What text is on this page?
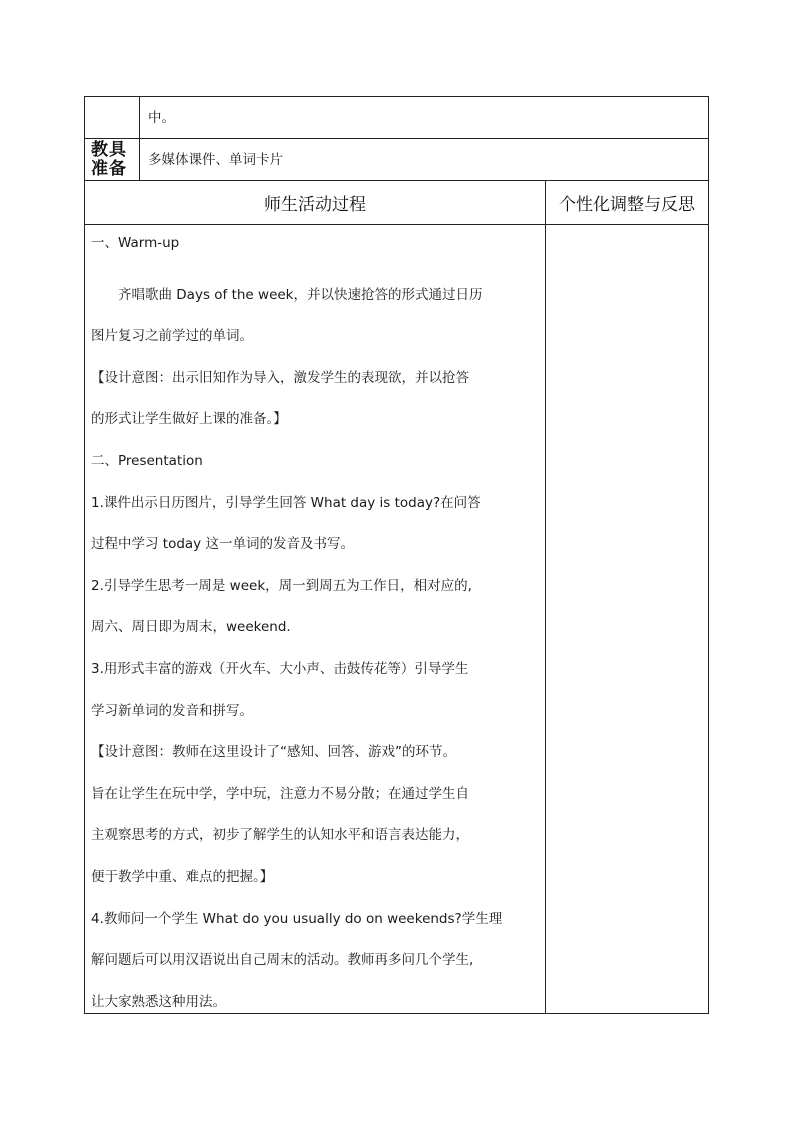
中。
教具
准备	多媒体课件、单词卡片
师生活动过程	个性化调整与反思
一、Warm-up
齐唱歌曲 Days of the week，并以快速抢答的形式通过日历
图片复习之前学过的单词。
【设计意图：出示旧知作为导入，激发学生的表现欲，并以抢答
的形式让学生做好上课的准备。】
二、Presentation
1.课件出示日历图片，引导学生回答 What day is today?在问答
过程中学习 today 这一单词的发音及书写。
2.引导学生思考一周是 week，周一到周五为工作日，相对应的,
周六、周日即为周末，weekend.
3.用形式丰富的游戏（开火车、大小声、击鼓传花等）引导学生
学习新单词的发音和拼写。
【设计意图：教师在这里设计了“感知、回答、游戏”的环节。
旨在让学生在玩中学，学中玩，注意力不易分散；在通过学生自
主观察思考的方式，初步了解学生的认知水平和语言表达能力，
便于教学中重、难点的把握。】
4.教师问一个学生 What do you usually do on weekends?学生理
解问题后可以用汉语说出自己周末的活动。教师再多问几个学生,
让大家熟悉这种用法。
